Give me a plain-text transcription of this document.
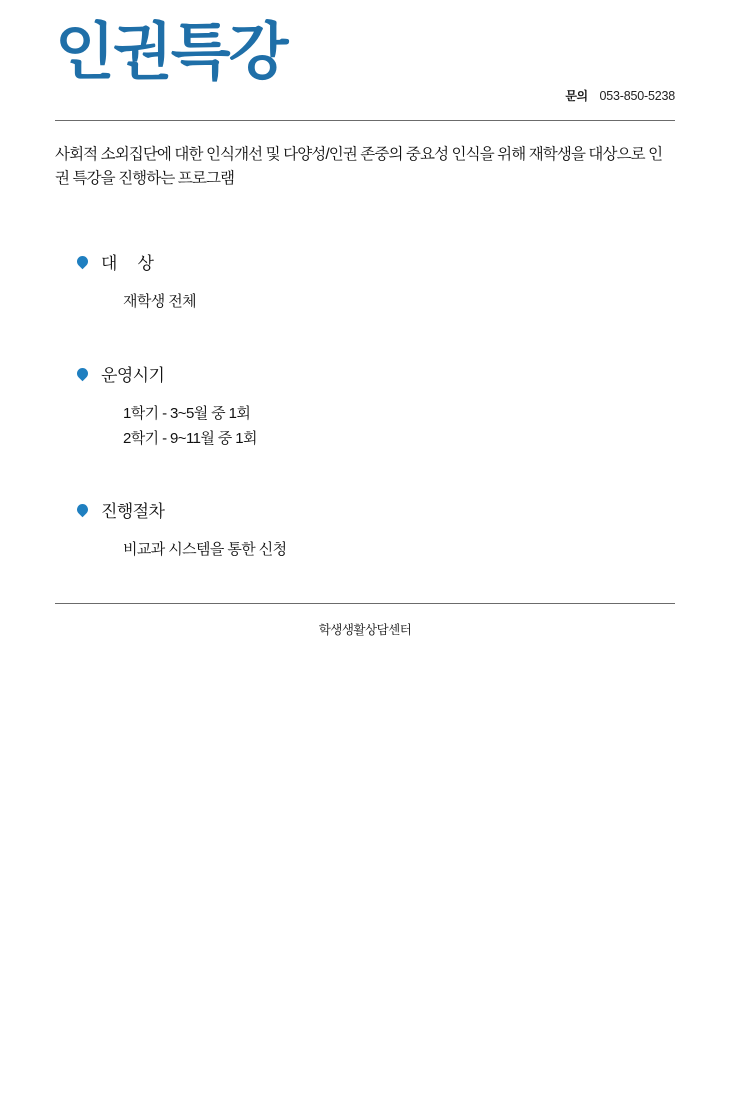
인권특강
문의 053-850-5238
사회적 소외집단에 대한 인식개선 및 다양성/인권 존중의 중요성 인식을 위해 재학생을 대상으로 인권 특강을 진행하는 프로그램
대     상
재학생 전체
운영시기
1학기 - 3~5월 중 1회
2학기 - 9~11월 중 1회
진행절차
비교과 시스템을 통한 신청
학생생활상담센터
